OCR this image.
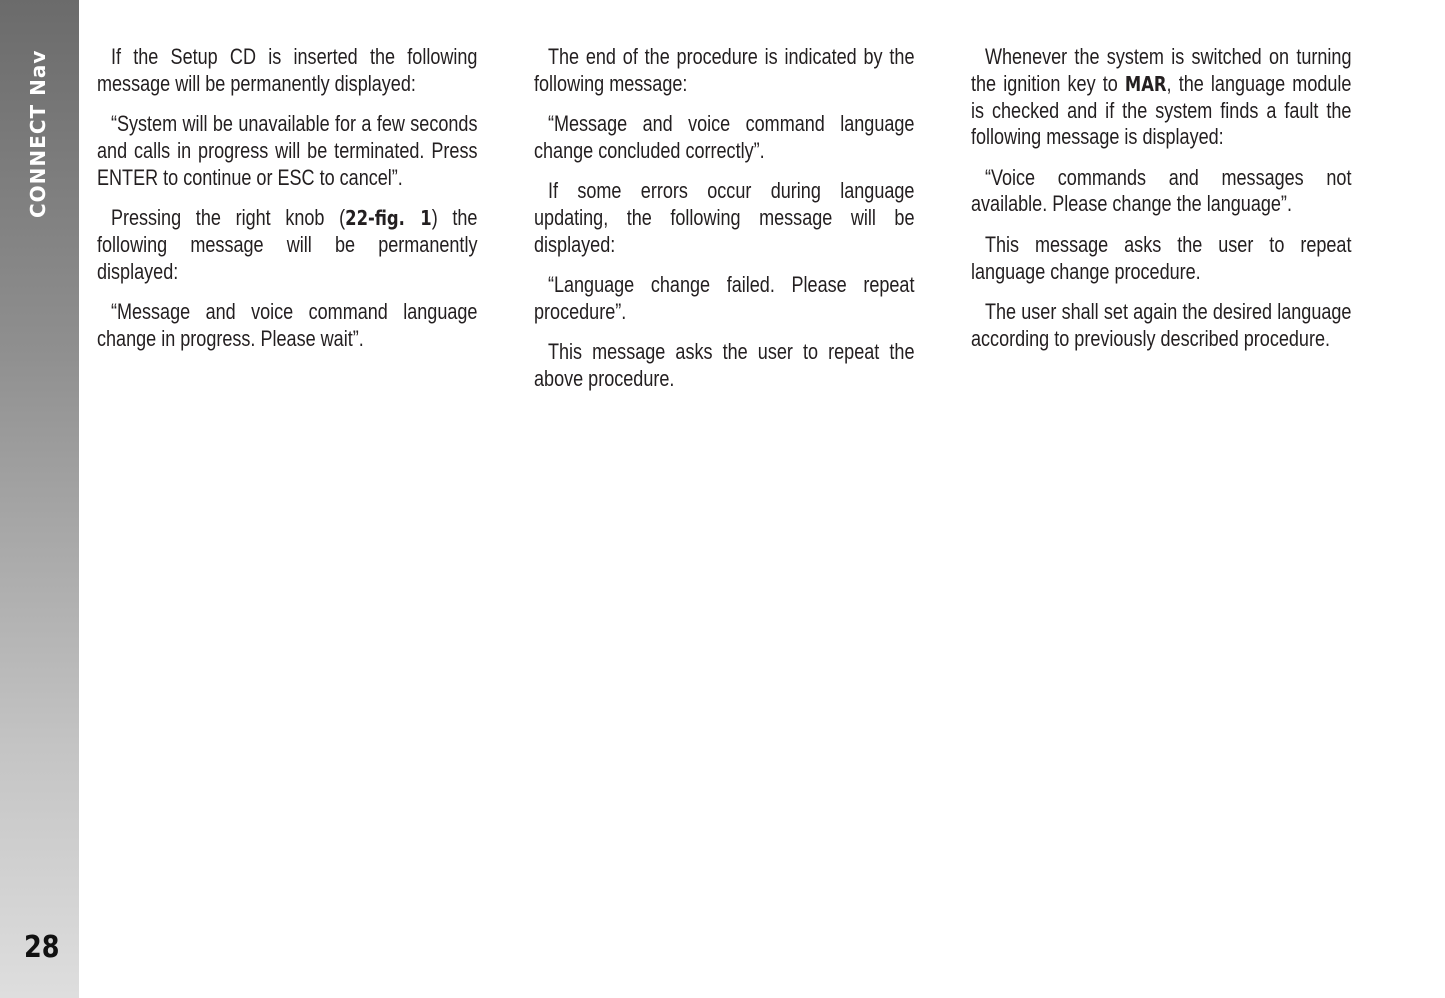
CONNECT Nav
28

If the Setup CD is inserted the following message will be permanently displayed:

“System will be unavailable for a few seconds and calls in progress will be terminated. Press ENTER to continue or ESC to cancel”.

Pressing the right knob (22-fig. 1) the following message will be permanently displayed:

“Message and voice command language change in progress. Please wait”.

The end of the procedure is indicated by the following message:

“Message and voice command language change concluded correctly”.

If some errors occur during language updating, the following message will be displayed:

“Language change failed. Please repeat procedure”.

This message asks the user to repeat the above procedure.

Whenever the system is switched on turning the ignition key to MAR, the language module is checked and if the system finds a fault the following message is displayed:

“Voice commands and messages not available. Please change the language”.

This message asks the user to repeat language change procedure.

The user shall set again the desired language according to previously described procedure.
